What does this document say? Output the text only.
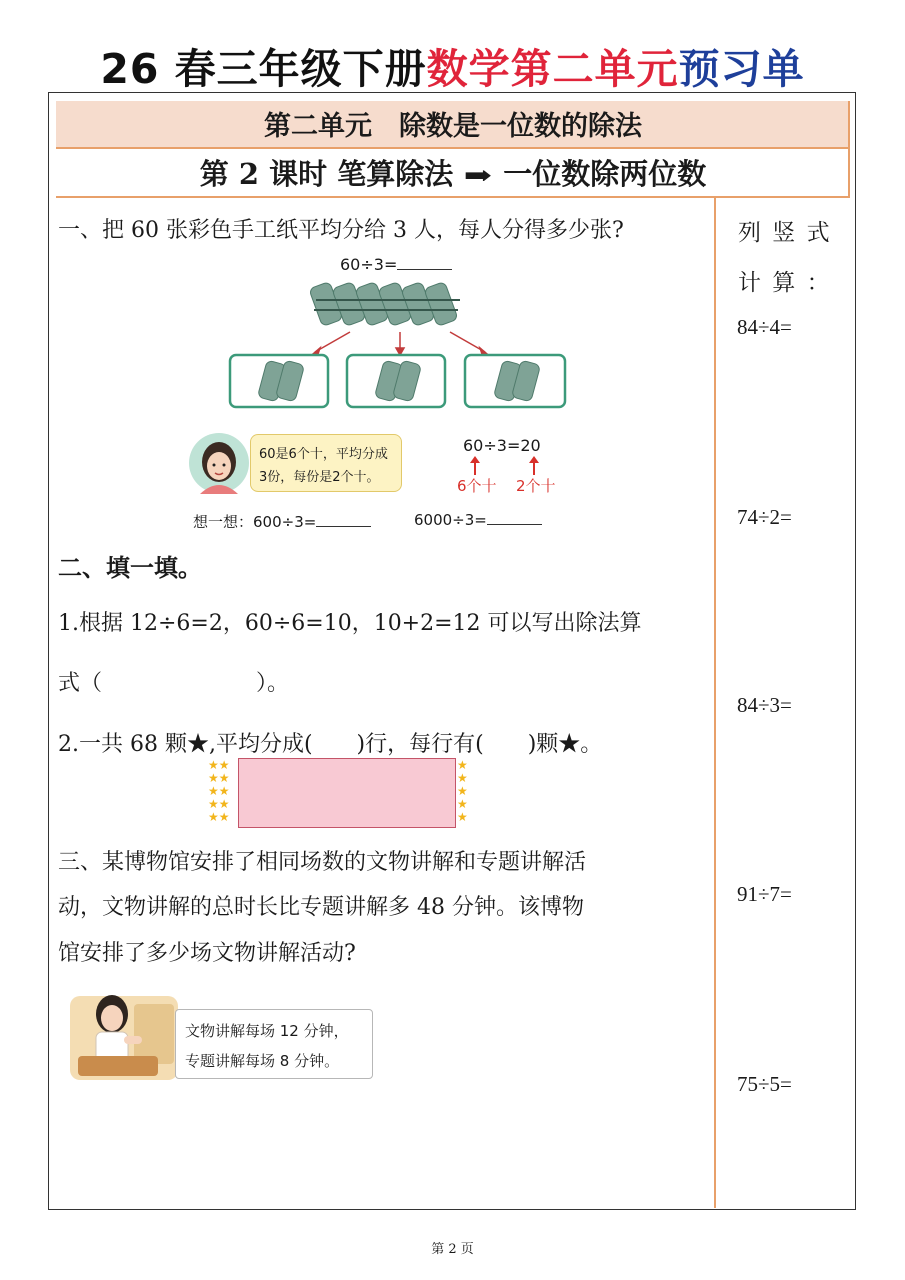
26 春三年级下册数学第二单元预习单
第二单元　除数是一位数的除法
第 2 课时 笔算除法 ➡ 一位数除两位数
一、把 60 张彩色手工纸平均分给 3 人，每人分得多少张?
60÷3=
60是6个十，平均分成
3份，每份是2个十。
60÷3=20
6个十 2个十
想一想：600÷3=	6000÷3=
二、填一填。
1.根据 12÷6=2，60÷6=10，10+2=12 可以写出除法算
式（　　　　　　　）。
2.一共 68 颗★,平均分成(　　)行，每行有(　　)颗★。
★★
★★
★★
★★
★★
★
★
★
★
★
三、某博物馆安排了相同场数的文物讲解和专题讲解活
动，文物讲解的总时长比专题讲解多 48 分钟。该博物
馆安排了多少场文物讲解活动?
文物讲解每场 12 分钟，
专题讲解每场 8 分钟。
列 竖 式
计 算 ：
84÷4=
74÷2=
84÷3=
91÷7=
75÷5=
第 2 页
